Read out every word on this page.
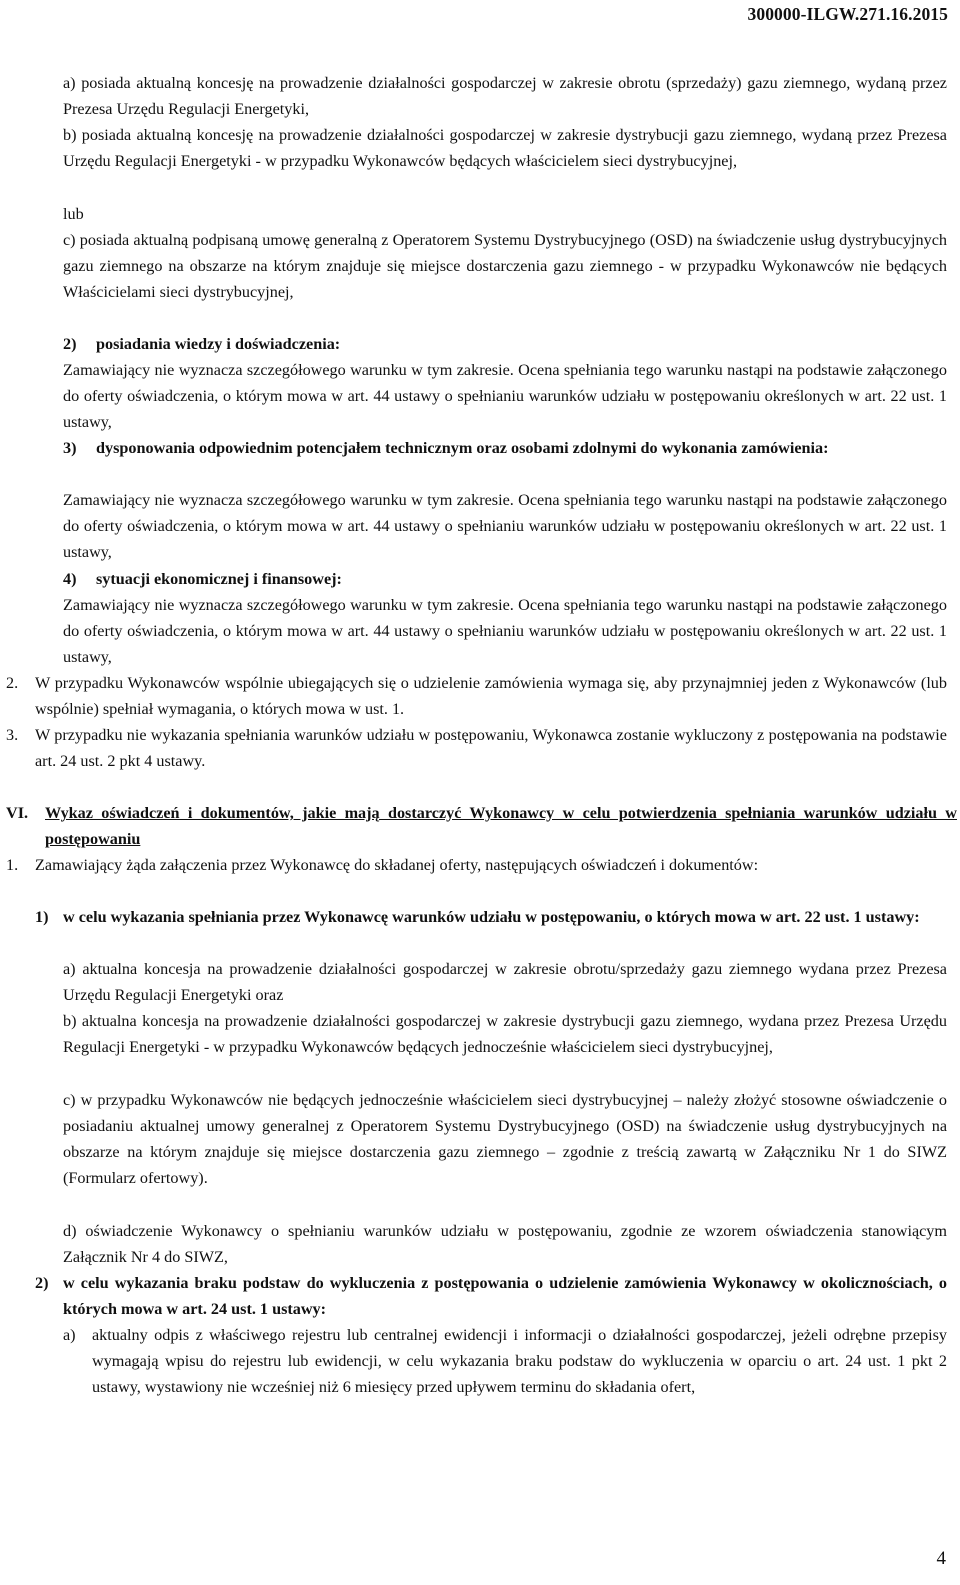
300000-ILGW.271.16.2015

a) posiada aktualną koncesję na prowadzenie działalności gospodarczej w zakresie obrotu (sprzedaży) gazu ziemnego, wydaną przez Prezesa Urzędu Regulacji Energetyki,

b) posiada aktualną koncesję na prowadzenie działalności gospodarczej w zakresie dystrybucji gazu ziemnego, wydaną przez Prezesa Urzędu Regulacji Energetyki - w przypadku Wykonawców będących właścicielem sieci dystrybucyjnej,

lub

c) posiada aktualną podpisaną umowę generalną z Operatorem Systemu Dystrybucyjnego (OSD) na świadczenie usług dystrybucyjnych gazu ziemnego na obszarze na którym znajduje się miejsce dostarczenia gazu ziemnego - w przypadku Wykonawców nie będących Właścicielami sieci dystrybucyjnej,

2) posiadania wiedzy i doświadczenia:

Zamawiający nie wyznacza szczegółowego warunku w tym zakresie. Ocena spełniania tego warunku nastąpi na podstawie załączonego do oferty oświadczenia, o którym mowa w art. 44 ustawy o spełnianiu warunków udziału w postępowaniu określonych w art. 22 ust. 1 ustawy,

3)	dysponowania odpowiednim potencjałem technicznym oraz osobami zdolnymi do wykonania zamówienia:

Zamawiający nie wyznacza szczegółowego warunku w tym zakresie. Ocena spełniania tego warunku nastąpi na podstawie załączonego do oferty oświadczenia, o którym mowa w art. 44 ustawy o spełnianiu warunków udziału w postępowaniu określonych w art. 22 ust. 1 ustawy,

4) sytuacji ekonomicznej i finansowej:

Zamawiający nie wyznacza szczegółowego warunku w tym zakresie. Ocena spełniania tego warunku nastąpi na podstawie załączonego do oferty oświadczenia, o którym mowa w art. 44 ustawy o spełnianiu warunków udziału w postępowaniu określonych w art. 22 ust. 1 ustawy,

2. W przypadku Wykonawców wspólnie ubiegających się o udzielenie zamówienia wymaga się, aby przynajmniej jeden z Wykonawców (lub wspólnie) spełniał wymagania, o których mowa w ust. 1.

3. W przypadku nie wykazania spełniania warunków udziału w postępowaniu, Wykonawca zostanie wykluczony z postępowania na podstawie art. 24 ust. 2 pkt 4 ustawy.

VI.	Wykaz oświadczeń i dokumentów, jakie mają dostarczyć Wykonawcy w celu potwierdzenia spełniania warunków udziału w postępowaniu

1. Zamawiający żąda załączenia przez Wykonawcę do składanej oferty, następujących oświadczeń i dokumentów:

1) w celu wykazania spełniania przez Wykonawcę warunków udziału w postępowaniu, o których mowa w art. 22 ust. 1 ustawy:

a) aktualna koncesja na prowadzenie działalności gospodarczej w zakresie obrotu/sprzedaży gazu ziemnego wydana przez Prezesa Urzędu Regulacji Energetyki oraz

b) aktualna koncesja na prowadzenie działalności gospodarczej w zakresie dystrybucji gazu ziemnego, wydana przez Prezesa Urzędu Regulacji Energetyki - w przypadku Wykonawców będących jednocześnie właścicielem sieci dystrybucyjnej,

c) w przypadku Wykonawców nie będących jednocześnie właścicielem sieci dystrybucyjnej – należy złożyć stosowne oświadczenie o posiadaniu aktualnej umowy generalnej z Operatorem Systemu Dystrybucyjnego (OSD) na świadczenie usług dystrybucyjnych na obszarze na którym znajduje się miejsce dostarczenia gazu ziemnego – zgodnie z treścią zawartą w Załączniku Nr 1 do SIWZ (Formularz ofertowy).

d) oświadczenie Wykonawcy o spełnianiu warunków udziału w postępowaniu, zgodnie ze wzorem oświadczenia stanowiącym Załącznik Nr 4 do SIWZ,

2) w celu wykazania braku podstaw do wykluczenia z postępowania o udzielenie zamówienia Wykonawcy w okolicznościach, o których mowa w art. 24 ust. 1 ustawy:

a) aktualny odpis z właściwego rejestru lub centralnej ewidencji i informacji o działalności gospodarczej, jeżeli odrębne przepisy wymagają wpisu do rejestru lub ewidencji, w celu wykazania braku podstaw do wykluczenia w oparciu o art. 24 ust. 1 pkt 2 ustawy, wystawiony nie wcześniej niż 6 miesięcy przed upływem terminu do składania ofert,

4
